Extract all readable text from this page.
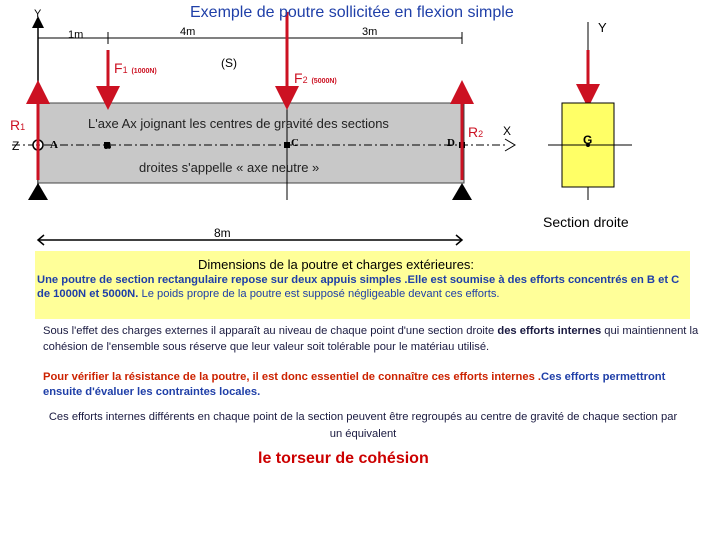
Exemple de poutre sollicitée en flexion simple
Y
Y
1m	4m	3m
8m
(S)
F1 (1000N)	F2 (5000N)
R1	R2
Z
X
A	B	C	D	G
L'axe Ax joignant les centres de gravité des sections
droites s'appelle « axe neutre »
Section droite
Dimensions de la poutre et charges extérieures:
Une poutre de section rectangulaire repose sur deux appuis simples .Elle est soumise à des efforts concentrés en B et C de 1000N et 5000N. Le poids propre de la poutre est supposé négligeable devant ces efforts.
Sous l'effet des charges externes il apparaît au niveau de chaque point d'une section droite des efforts internes qui maintiennent la cohésion de l'ensemble sous réserve que leur valeur soit tolérable pour le matériau utilisé.
Pour vérifier la résistance de la poutre, il est donc essentiel de connaître ces efforts internes .Ces efforts permettront ensuite d'évaluer les contraintes locales.
Ces efforts internes différents en chaque point de la section peuvent être regroupés au centre de gravité de chaque section par un équivalent
le torseur de cohésion
